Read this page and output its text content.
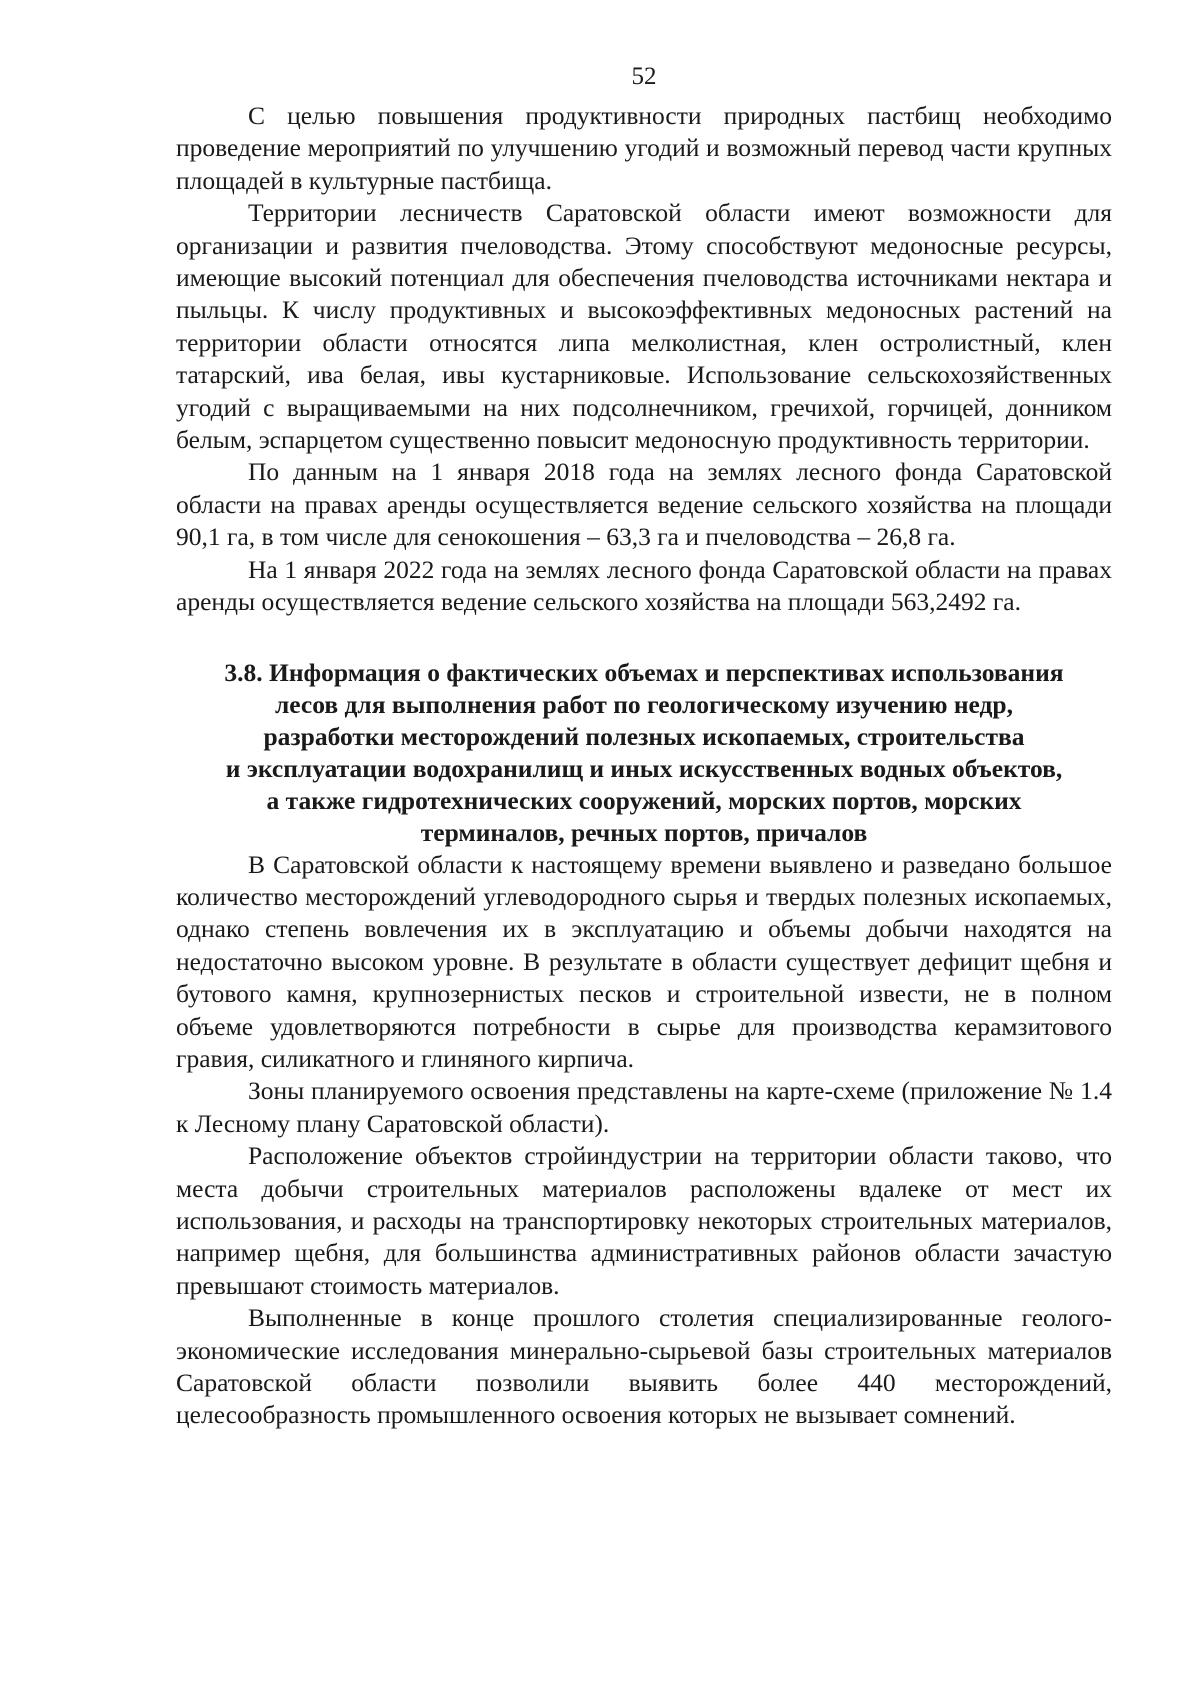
52

С целью повышения продуктивности природных пастбищ необходимо проведение мероприятий по улучшению угодий и возможный перевод части крупных площадей в культурные пастбища.

Территории лесничеств Саратовской области имеют возможности для организации и развития пчеловодства. Этому способствуют медоносные ресурсы, имеющие высокий потенциал для обеспечения пчеловодства источниками нектара и пыльцы. К числу продуктивных и высокоэффективных медоносных растений на территории области относятся липа мелколистная, клен остролистный, клен татарский, ива белая, ивы кустарниковые. Использование сельскохозяйственных угодий с выращиваемыми на них подсолнечником, гречихой, горчицей, донником белым, эспарцетом существенно повысит медоносную продуктивность территории.

По данным на 1 января 2018 года на землях лесного фонда Саратовской области на правах аренды осуществляется ведение сельского хозяйства на площади 90,1 га, в том числе для сенокошения – 63,3 га и пчеловодства – 26,8 га.

На 1 января 2022 года на землях лесного фонда Саратовской области на правах аренды осуществляется ведение сельского хозяйства на площади 563,2492 га.

3.8. Информация о фактических объемах и перспективах использования
лесов для выполнения работ по геологическому изучению недр,
разработки месторождений полезных ископаемых, строительства
и эксплуатации водохранилищ и иных искусственных водных объектов,
а также гидротехнических сооружений, морских портов, морских
терминалов, речных портов, причалов

В Саратовской области к настоящему времени выявлено и разведано большое количество месторождений углеводородного сырья и твердых полезных ископаемых, однако степень вовлечения их в эксплуатацию и объемы добычи находятся на недостаточно высоком уровне. В результате в области существует дефицит щебня и бутового камня, крупнозернистых песков и строительной извести, не в полном объеме удовлетворяются потребности в сырье для производства керамзитового гравия, силикатного и глиняного кирпича.

Зоны планируемого освоения представлены на карте-схеме (приложение № 1.4 к Лесному плану Саратовской области).

Расположение объектов стройиндустрии на территории области таково, что места добычи строительных материалов расположены вдалеке от мест их использования, и расходы на транспортировку некоторых строительных материалов, например щебня, для большинства административных районов области зачастую превышают стоимость материалов.

Выполненные в конце прошлого столетия специализированные геолого-экономические исследования минерально-сырьевой базы строительных материалов Саратовской области позволили выявить более 440 месторождений, целесообразность промышленного освоения которых не вызывает сомнений.
